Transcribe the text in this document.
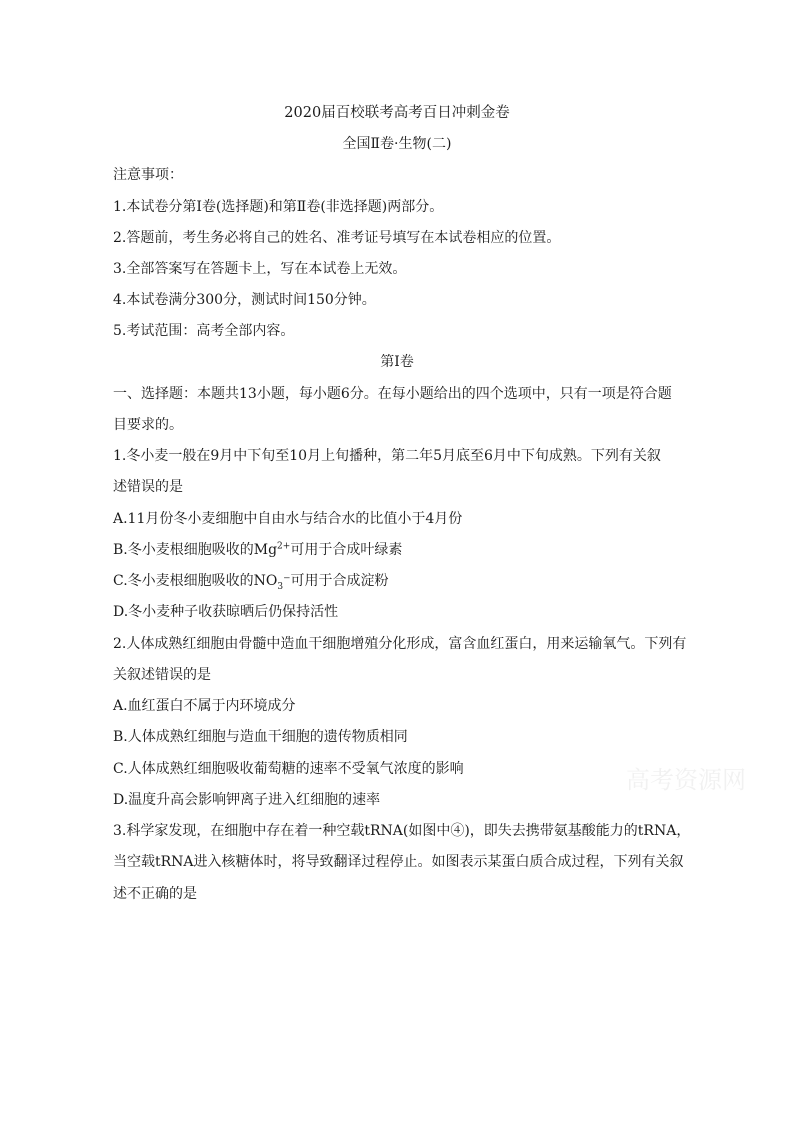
2020届百校联考高考百日冲刺金卷
全国Ⅱ卷·生物(二)
注意事项：
1.本试卷分第Ⅰ卷(选择题)和第Ⅱ卷(非选择题)两部分。
2.答题前，考生务必将自己的姓名、准考证号填写在本试卷相应的位置。
3.全部答案写在答题卡上，写在本试卷上无效。
4.本试卷满分300分，测试时间150分钟。
5.考试范围：高考全部内容。
第Ⅰ卷
一、选择题：本题共13小题，每小题6分。在每小题给出的四个选项中，只有一项是符合题
目要求的。
1.冬小麦一般在9月中下旬至10月上旬播种，第二年5月底至6月中下旬成熟。下列有关叙
述错误的是
A.11月份冬小麦细胞中自由水与结合水的比值小于4月份
B.冬小麦根细胞吸收的$Mg^{2+}$可用于合成叶绿素
C.冬小麦根细胞吸收的$NO_3^-$可用于合成淀粉
D.冬小麦种子收获晾晒后仍保持活性
2.人体成熟红细胞由骨髓中造血干细胞增殖分化形成，富含血红蛋白，用来运输氧气。下列有
关叙述错误的是
A.血红蛋白不属于内环境成分
B.人体成熟红细胞与造血干细胞的遗传物质相同
C.人体成熟红细胞吸收葡萄糖的速率不受氧气浓度的影响
D.温度升高会影响钾离子进入红细胞的速率
3.科学家发现，在细胞中存在着一种空载tRNA(如图中④)，即失去携带氨基酸能力的tRNA，
当空载tRNA进入核糖体时，将导致翻译过程停止。如图表示某蛋白质合成过程，下列有关叙
述不正确的是
高考资源网
